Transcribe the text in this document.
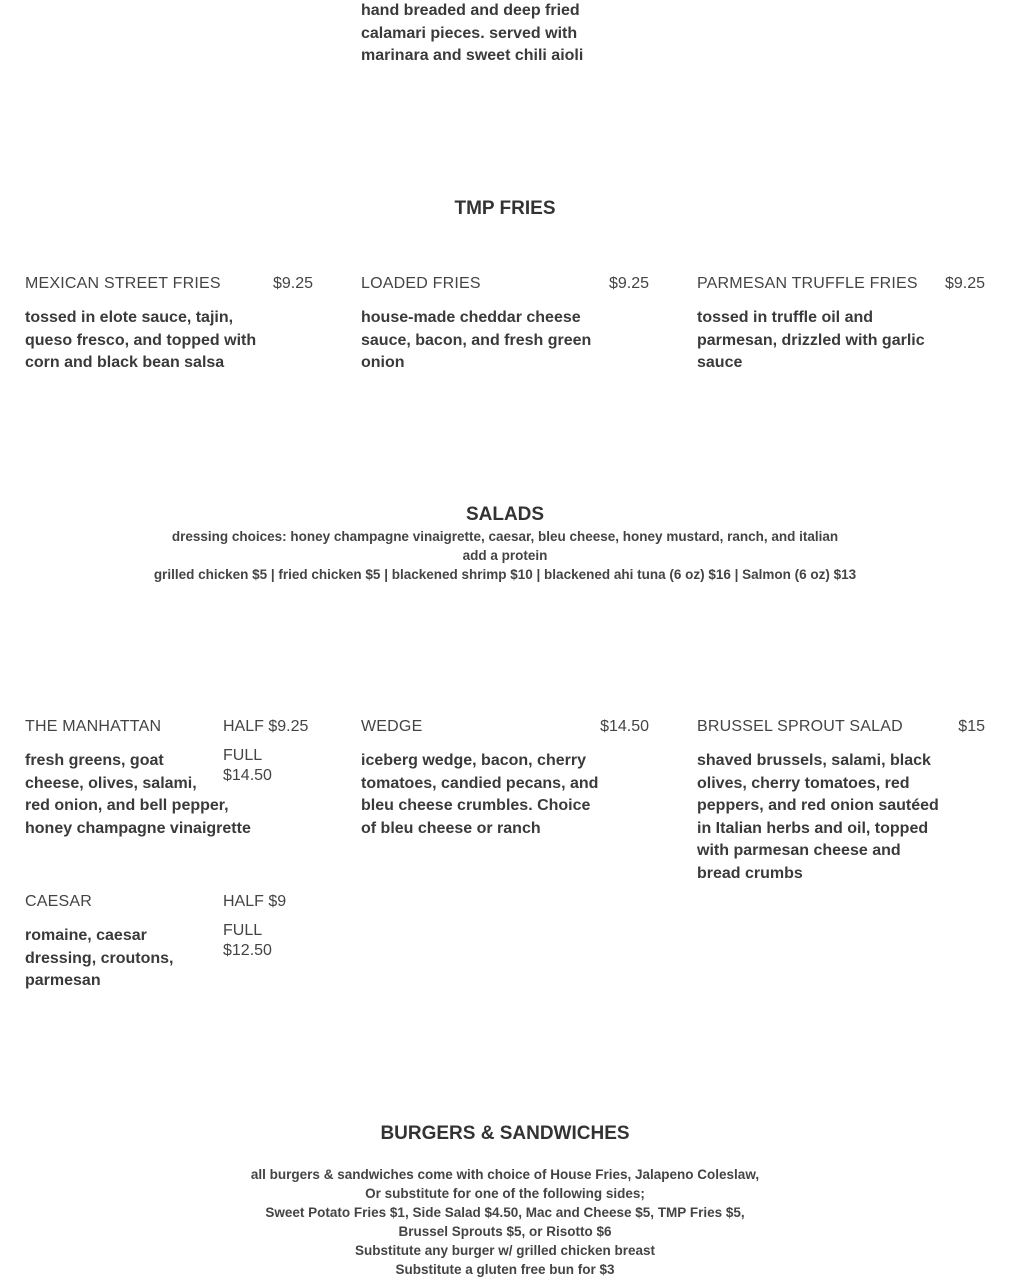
hand breaded and deep fried
calamari pieces. served with
marinara and sweet chili aioli
TMP FRIES
MEXICAN STREET FRIES	$9.25
tossed in elote sauce, tajin,
queso fresco, and topped with
corn and black bean salsa
LOADED FRIES	$9.25
house-made cheddar cheese
sauce, bacon, and fresh green
onion
PARMESAN TRUFFLE FRIES $9.25
tossed in truffle oil and
parmesan, drizzled with garlic
sauce
SALADS
dressing choices: honey champagne vinaigrette, caesar, bleu cheese, honey mustard, ranch, and italian
add a protein
grilled chicken $5 | fried chicken $5 | blackened shrimp $10 | blackened ahi tuna (6 oz) $16 | Salmon (6 oz) $13
THE MANHATTAN	HALF $9.25
FULL $14.50
fresh greens, goat
cheese, olives, salami,
red onion, and bell pepper,
honey champagne vinaigrette
WEDGE	$14.50
iceberg wedge, bacon, cherry
tomatoes, candied pecans, and
bleu cheese crumbles. Choice
of bleu cheese or ranch
BRUSSEL SPROUT SALAD	$15
shaved brussels, salami, black
olives, cherry tomatoes, red
peppers, and red onion sautéed
in Italian herbs and oil, topped
with parmesan cheese and
bread crumbs
CAESAR	HALF $9
FULL $12.50
romaine, caesar
dressing, croutons,
parmesan
BURGERS & SANDWICHES
all burgers & sandwiches come with choice of House Fries, Jalapeno Coleslaw,
Or substitute for one of the following sides;
Sweet Potato Fries $1, Side Salad $4.50, Mac and Cheese $5, TMP Fries $5,
Brussel Sprouts $5, or Risotto $6
Substitute any burger w/ grilled chicken breast
Substitute a gluten free bun for $3
